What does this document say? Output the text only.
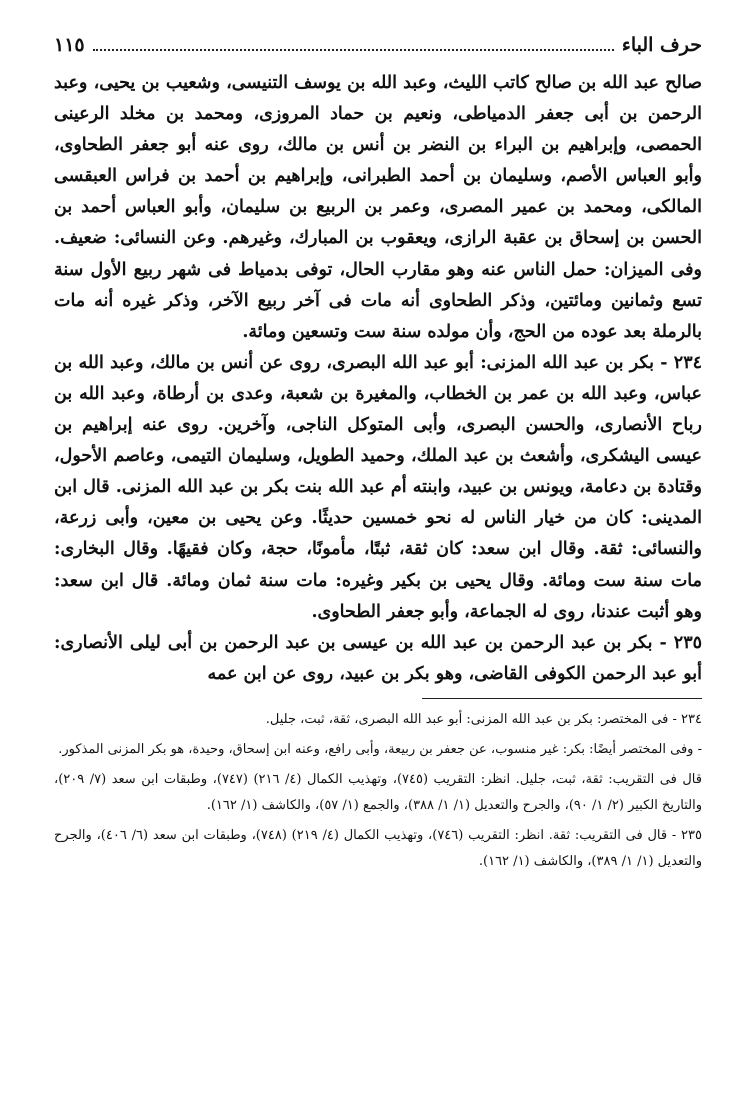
حرف الباء
١١٥

صالح عبد الله بن صالح كاتب الليث، وعبد الله بن يوسف التنيسى، وشعيب بن يحيى، وعبد الرحمن بن أبى جعفر الدمياطى، ونعيم بن حماد المروزى، ومحمد بن مخلد الرعينى الحمصى، وإبراهيم بن البراء بن النضر بن أنس بن مالك، روى عنه أبو جعفر الطحاوى، وأبو العباس الأصم، وسليمان بن أحمد الطبرانى، وإبراهيم بن أحمد بن فراس العبقسى المالكى، ومحمد بن عمير المصرى، وعمر بن الربيع بن سليمان، وأبو العباس أحمد بن الحسن بن إسحاق بن عقبة الرازى، ويعقوب بن المبارك، وغيرهم. وعن النسائى: ضعيف. وفى الميزان: حمل الناس عنه وهو مقارب الحال، توفى بدمياط فى شهر ربيع الأول سنة تسع وثمانين ومائتين، وذكر الطحاوى أنه مات فى آخر ربيع الآخر، وذكر غيره أنه مات بالرملة بعد عوده من الحج، وأن مولده سنة ست وتسعين ومائة.

٢٣٤ - بكر بن عبد الله المزنى: أبو عبد الله البصرى، روى عن أنس بن مالك، وعبد الله بن عباس، وعبد الله بن عمر بن الخطاب، والمغيرة بن شعبة، وعدى بن أرطاة، وعبد الله بن رباح الأنصارى، والحسن البصرى، وأبى المتوكل الناجى، وآخرين. روى عنه إبراهيم بن عيسى اليشكرى، وأشعث بن عبد الملك، وحميد الطويل، وسليمان التيمى، وعاصم الأحول، وقتادة بن دعامة، ويونس بن عبيد، وابنته أم عبد الله بنت بكر بن عبد الله المزنى. قال ابن المدينى: كان من خيار الناس له نحو خمسين حديثًا. وعن يحيى بن معين، وأبى زرعة، والنسائى: ثقة. وقال ابن سعد: كان ثقة، ثبتًا، مأمونًا، حجة، وكان فقيهًا. وقال البخارى: مات سنة ست ومائة. وقال يحيى بن بكير وغيره: مات سنة ثمان ومائة. قال ابن سعد: وهو أثبت عندنا، روى له الجماعة، وأبو جعفر الطحاوى.

٢٣٥ - بكر بن عبد الرحمن بن عبد الله بن عيسى بن عبد الرحمن بن أبى ليلى الأنصارى: أبو عبد الرحمن الكوفى القاضى، وهو بكر بن عبيد، روى عن ابن عمه

٢٣٤ - فى المختصر: بكر بن عبد الله المزنى: أبو عبد الله البصرى، ثقة، ثبت، جليل.

- وفى المختصر أيضًا: بكر: غير منسوب، عن جعفر بن ربيعة، وأبى رافع، وعنه ابن إسحاق، وحيدة، هو بكر المزنى المذكور.

قال فى التقريب: ثقة، ثبت، جليل. انظر: التقريب (٧٤٥)، وتهذيب الكمال (٤/ ٢١٦) (٧٤٧)، وطبقات ابن سعد (٧/ ٢٠٩)، والتاريخ الكبير (٢/ ١/ ٩٠)، والجرح والتعديل (١/ ١/ ٣٨٨)، والجمع (١/ ٥٧)، والكاشف (١/ ١٦٢).

٢٣٥ - قال فى التقريب: ثقة. انظر: التقريب (٧٤٦)، وتهذيب الكمال (٤/ ٢١٩) (٧٤٨)، وطبقات ابن سعد (٦/ ٤٠٦)، والجرح والتعديل (١/ ١/ ٣٨٩)، والكاشف (١/ ١٦٢).
